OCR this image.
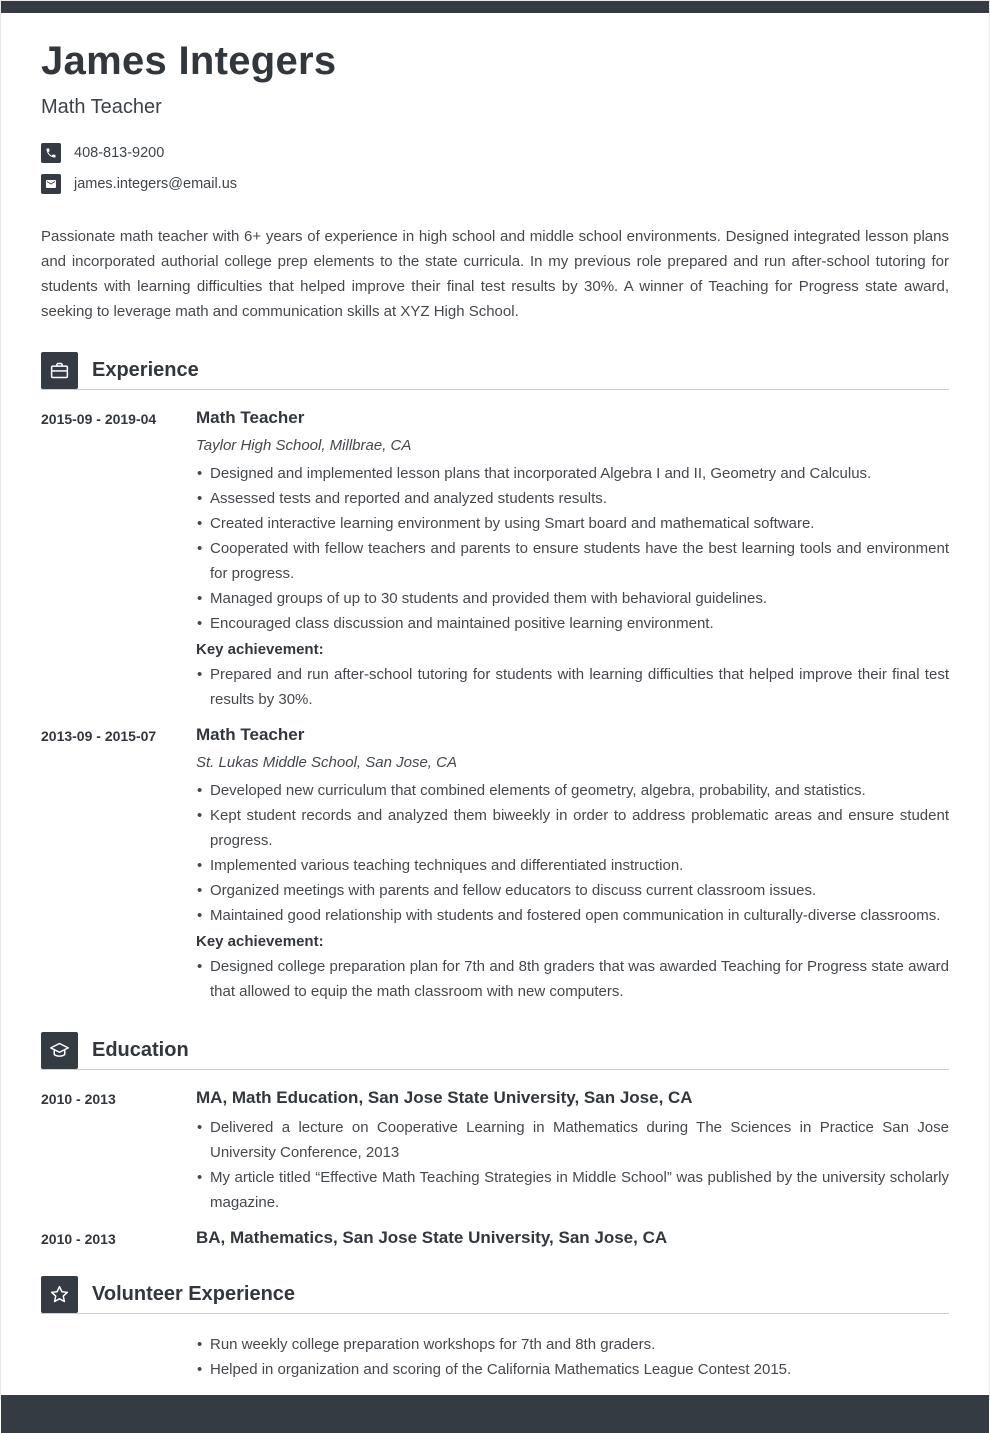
James Integers
Math Teacher
408-813-9200
james.integers@email.us

Passionate math teacher with 6+ years of experience in high school and middle school environments. Designed integrated lesson plans and incorporated authorial college prep elements to the state curricula. In my previous role prepared and run after-school tutoring for students with learning difficulties that helped improve their final test results by 30%. A winner of Teaching for Progress state award, seeking to leverage math and communication skills at XYZ High School.

Experience
2015-09 - 2019-04	Math Teacher
Taylor High School, Millbrae, CA
• Designed and implemented lesson plans that incorporated Algebra I and II, Geometry and Calculus.
• Assessed tests and reported and analyzed students results.
• Created interactive learning environment by using Smart board and mathematical software.
• Cooperated with fellow teachers and parents to ensure students have the best learning tools and environment for progress.
• Managed groups of up to 30 students and provided them with behavioral guidelines.
• Encouraged class discussion and maintained positive learning environment.
Key achievement:
• Prepared and run after-school tutoring for students with learning difficulties that helped improve their final test results by 30%.
2013-09 - 2015-07	Math Teacher
St. Lukas Middle School, San Jose, CA
• Developed new curriculum that combined elements of geometry, algebra, probability, and statistics.
• Kept student records and analyzed them biweekly in order to address problematic areas and ensure student progress.
• Implemented various teaching techniques and differentiated instruction.
• Organized meetings with parents and fellow educators to discuss current classroom issues.
• Maintained good relationship with students and fostered open communication in culturally-diverse classrooms.
Key achievement:
• Designed college preparation plan for 7th and 8th graders that was awarded Teaching for Progress state award that allowed to equip the math classroom with new computers.
Education
2010 - 2013	MA, Math Education, San Jose State University, San Jose, CA
• Delivered a lecture on Cooperative Learning in Mathematics during The Sciences in Practice San Jose University Conference, 2013
• My article titled “Effective Math Teaching Strategies in Middle School” was published by the university scholarly magazine.
2010 - 2013	BA, Mathematics, San Jose State University, San Jose, CA
Volunteer Experience
• Run weekly college preparation workshops for 7th and 8th graders.
• Helped in organization and scoring of the California Mathematics League Contest 2015.
